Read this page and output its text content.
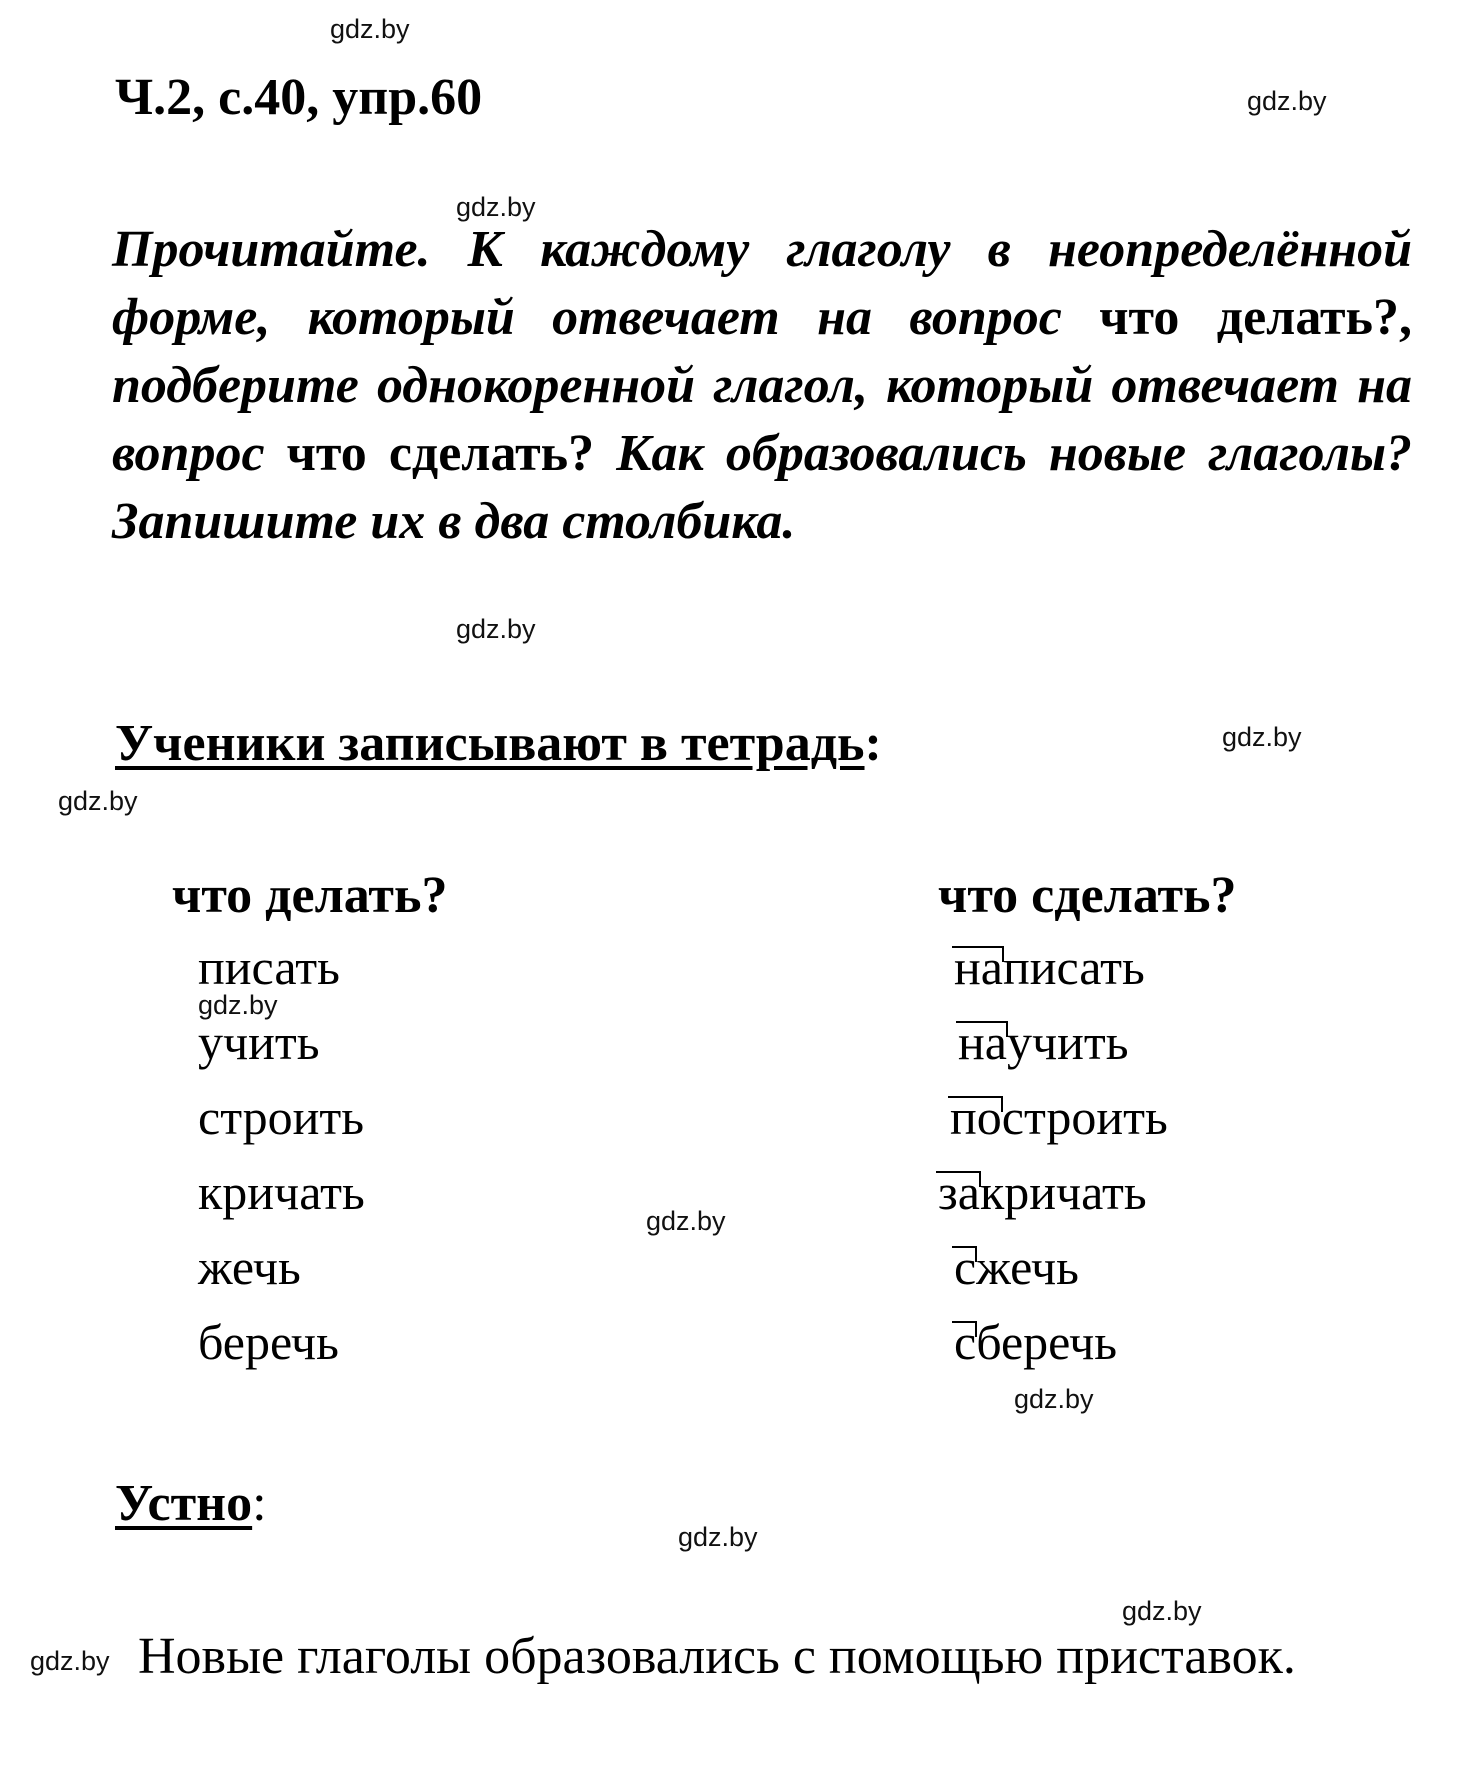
gdz.by
gdz.by
gdz.by
gdz.by
gdz.by
gdz.by
gdz.by
gdz.by
gdz.by
gdz.by
gdz.by
gdz.by
Ч.2, с.40, упр.60
Прочитайте. К каждому глаголу в неопределённой форме, который отвечает на вопрос что делать?, подберите однокоренной глагол, который отвечает на вопрос что сделать? Как образовались новые глаголы? Запишите их в два столбика.
Ученики записывают в тетрадь:
что делать?	что сделать?
писать
учить
строить
кричать
жечь
беречь
написать
научить
построить
закричать
сжечь
сберечь
Устно:
Новые глаголы образовались с помощью приставок.
